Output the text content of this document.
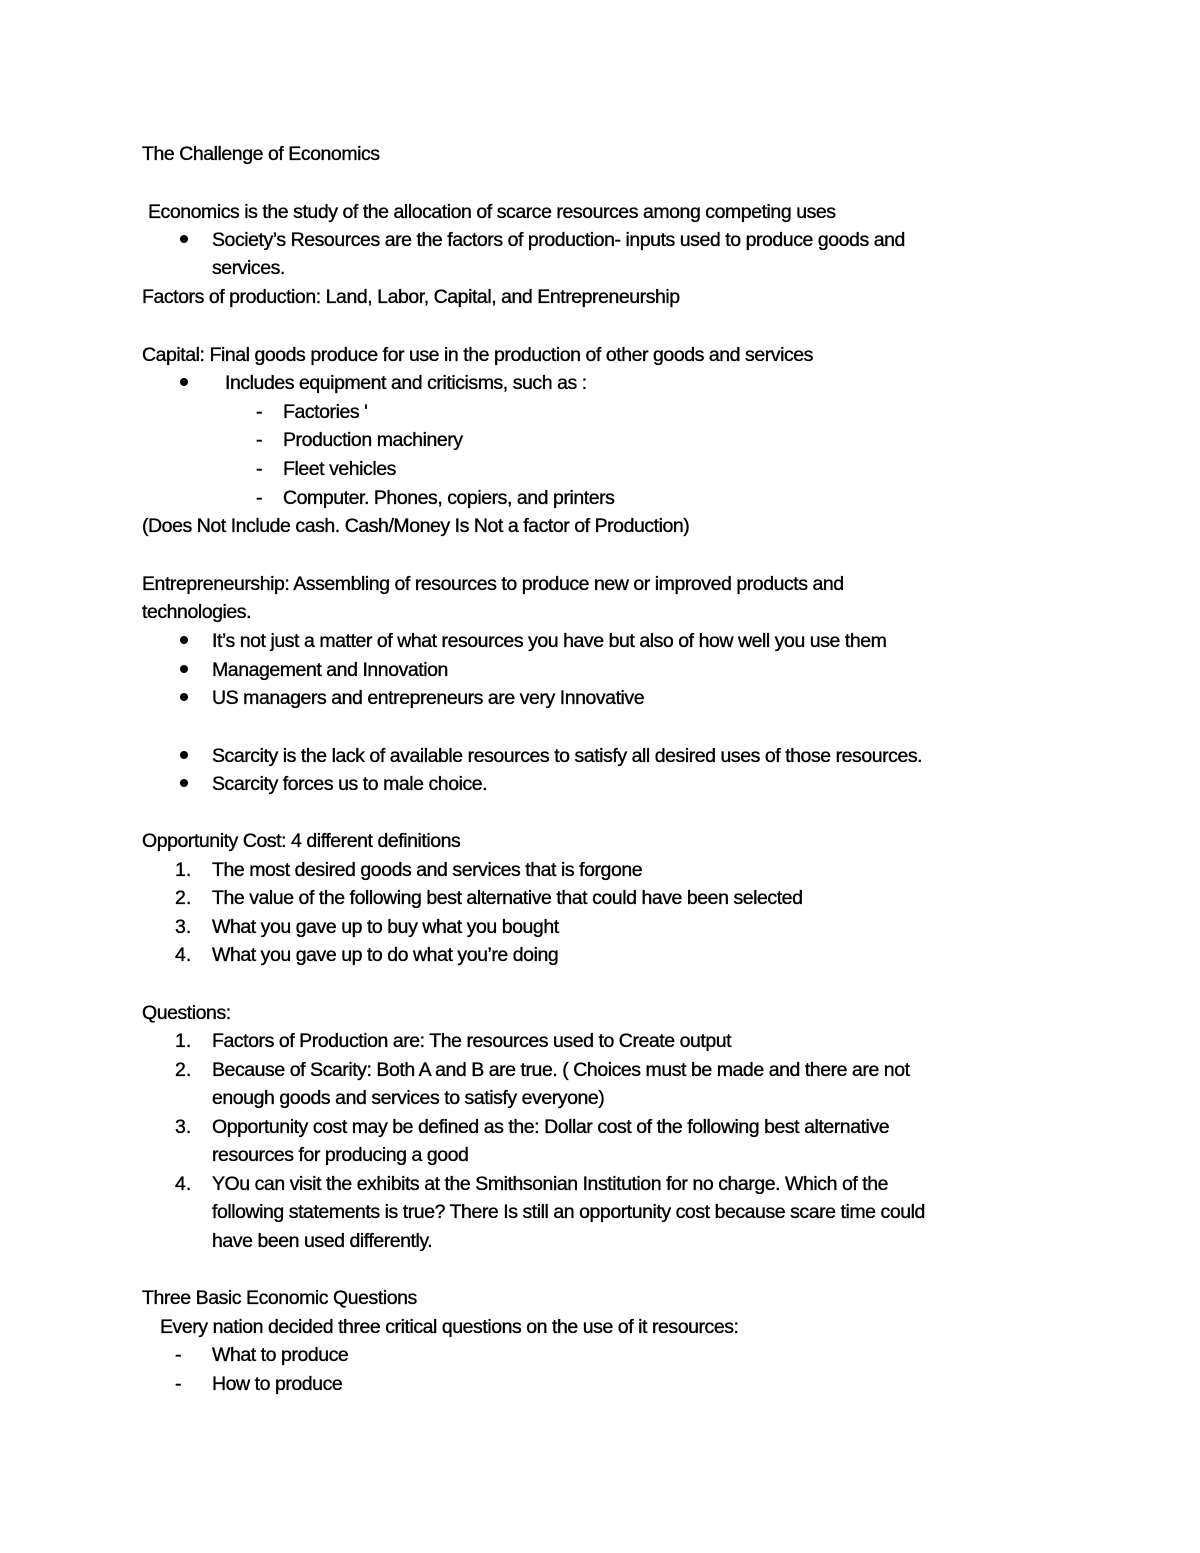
The Challenge of Economics
Economics is the study of the allocation of scarce resources among competing uses
Society’s Resources are the factors of production- inputs used to produce goods and
services.
Factors of production: Land, Labor, Capital, and Entrepreneurship
Capital: Final goods produce for use in the production of other goods and services
Includes equipment and criticisms, such as :
- Factories '
- Production machinery
- Fleet vehicles
- Computer. Phones, copiers, and printers
(Does Not Include cash. Cash/Money Is Not a factor of Production)
Entrepreneurship: Assembling of resources to produce new or improved products and
technologies.
It’s not just a matter of what resources you have but also of how well you use them
Management and Innovation
US managers and entrepreneurs are very Innovative
Scarcity is the lack of available resources to satisfy all desired uses of those resources.
Scarcity forces us to male choice.
Opportunity Cost: 4 different definitions
1. The most desired goods and services that is forgone
2. The value of the following best alternative that could have been selected
3. What you gave up to buy what you bought
4. What you gave up to do what you’re doing
Questions:
1. Factors of Production are: The resources used to Create output
2. Because of Scarity: Both A and B are true. ( Choices must be made and there are not
enough goods and services to satisfy everyone)
3. Opportunity cost may be defined as the: Dollar cost of the following best alternative
resources for producing a good
4. YOu can visit the exhibits at the Smithsonian Institution for no charge. Which of the
following statements is true? There Is still an opportunity cost because scare time could
have been used differently.
Three Basic Economic Questions
Every nation decided three critical questions on the use of it resources:
- What to produce
- How to produce
